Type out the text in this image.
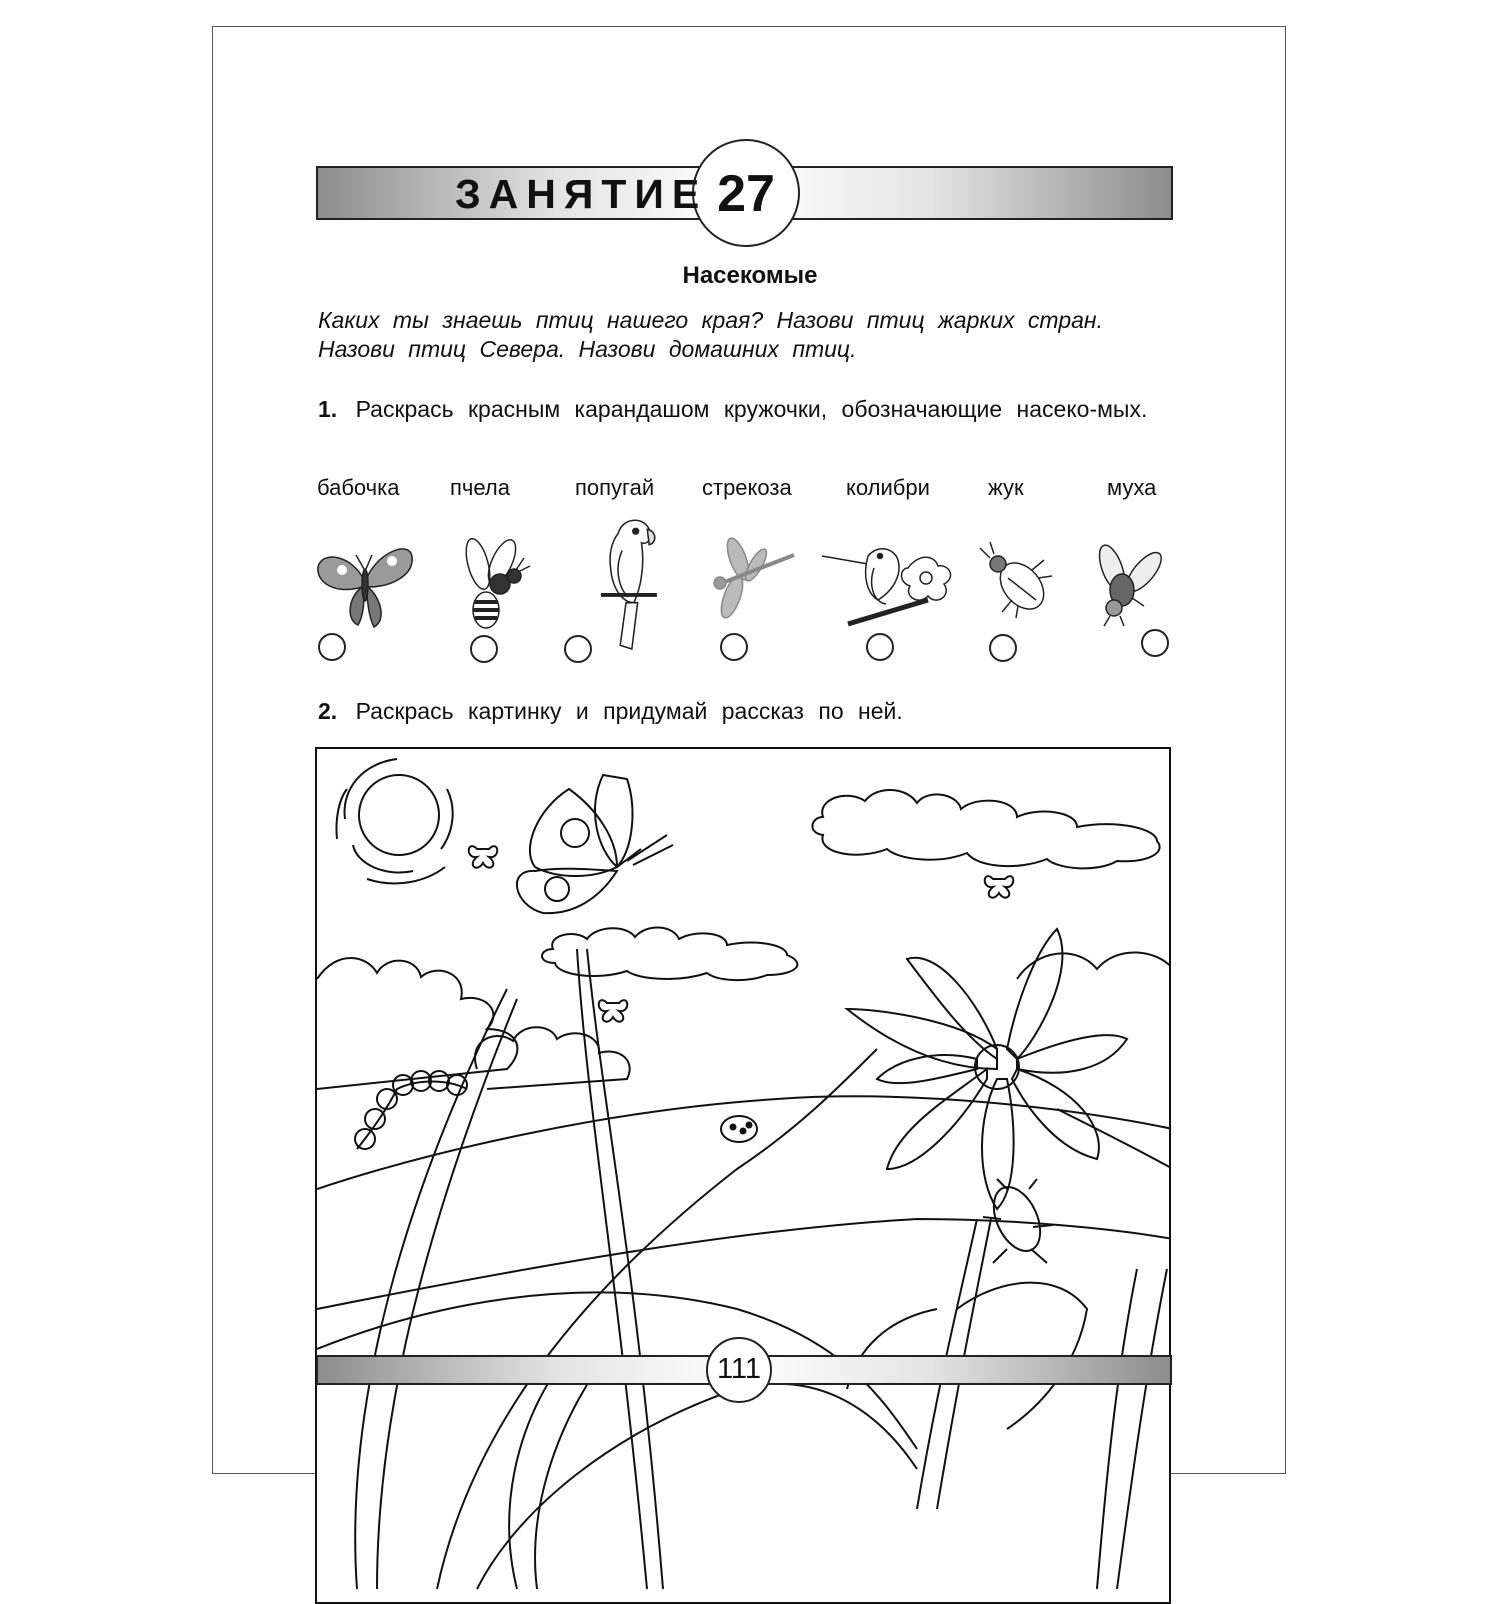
ЗАНЯТИЕ 27
Насекомые
Каких ты знаешь птиц нашего края? Назови птиц жарких стран. Назови птиц Севера. Назови домашних птиц.
1. Раскрась красным карандашом кружочки, обозначающие насеко-мых.
бабочка пчела	попугай стрекоза колибри	жук	муха
2. Раскрась картинку и придумай рассказ по ней.
111
